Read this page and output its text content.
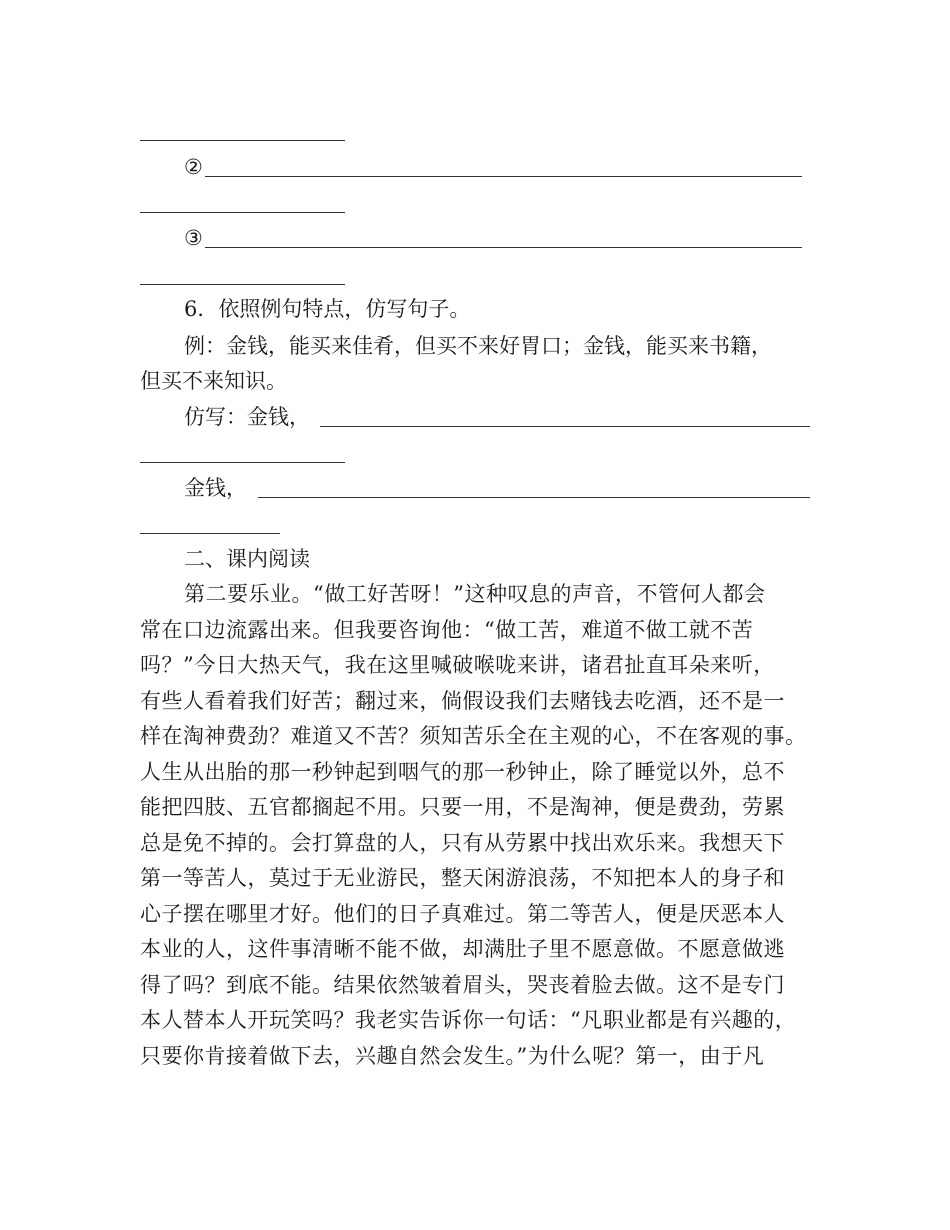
②
③
6．依照例句特点，仿写句子。
例：金钱，能买来佳肴，但买不来好胃口；金钱，能买来书籍，
但买不来知识。
仿写：金钱，
金钱，
二、课内阅读
第二要乐业。“做工好苦呀！”这种叹息的声音，不管何人都会
常在口边流露出来。但我要咨询他：“做工苦，难道不做工就不苦
吗？”今日大热天气，我在这里喊破喉咙来讲，诸君扯直耳朵来听，
有些人看着我们好苦；翻过来，倘假设我们去赌钱去吃酒，还不是一
样在淘神费劲？难道又不苦？须知苦乐全在主观的心，不在客观的事。
人生从出胎的那一秒钟起到咽气的那一秒钟止，除了睡觉以外，总不
能把四肢、五官都搁起不用。只要一用，不是淘神，便是费劲，劳累
总是免不掉的。会打算盘的人，只有从劳累中找出欢乐来。我想天下
第一等苦人，莫过于无业游民，整天闲游浪荡，不知把本人的身子和
心子摆在哪里才好。他们的日子真难过。第二等苦人，便是厌恶本人
本业的人，这件事清晰不能不做，却满肚子里不愿意做。不愿意做逃
得了吗？到底不能。结果依然皱着眉头，哭丧着脸去做。这不是专门
本人替本人开玩笑吗？我老实告诉你一句话：“凡职业都是有兴趣的，
只要你肯接着做下去，兴趣自然会发生。”为什么呢？第一，由于凡
